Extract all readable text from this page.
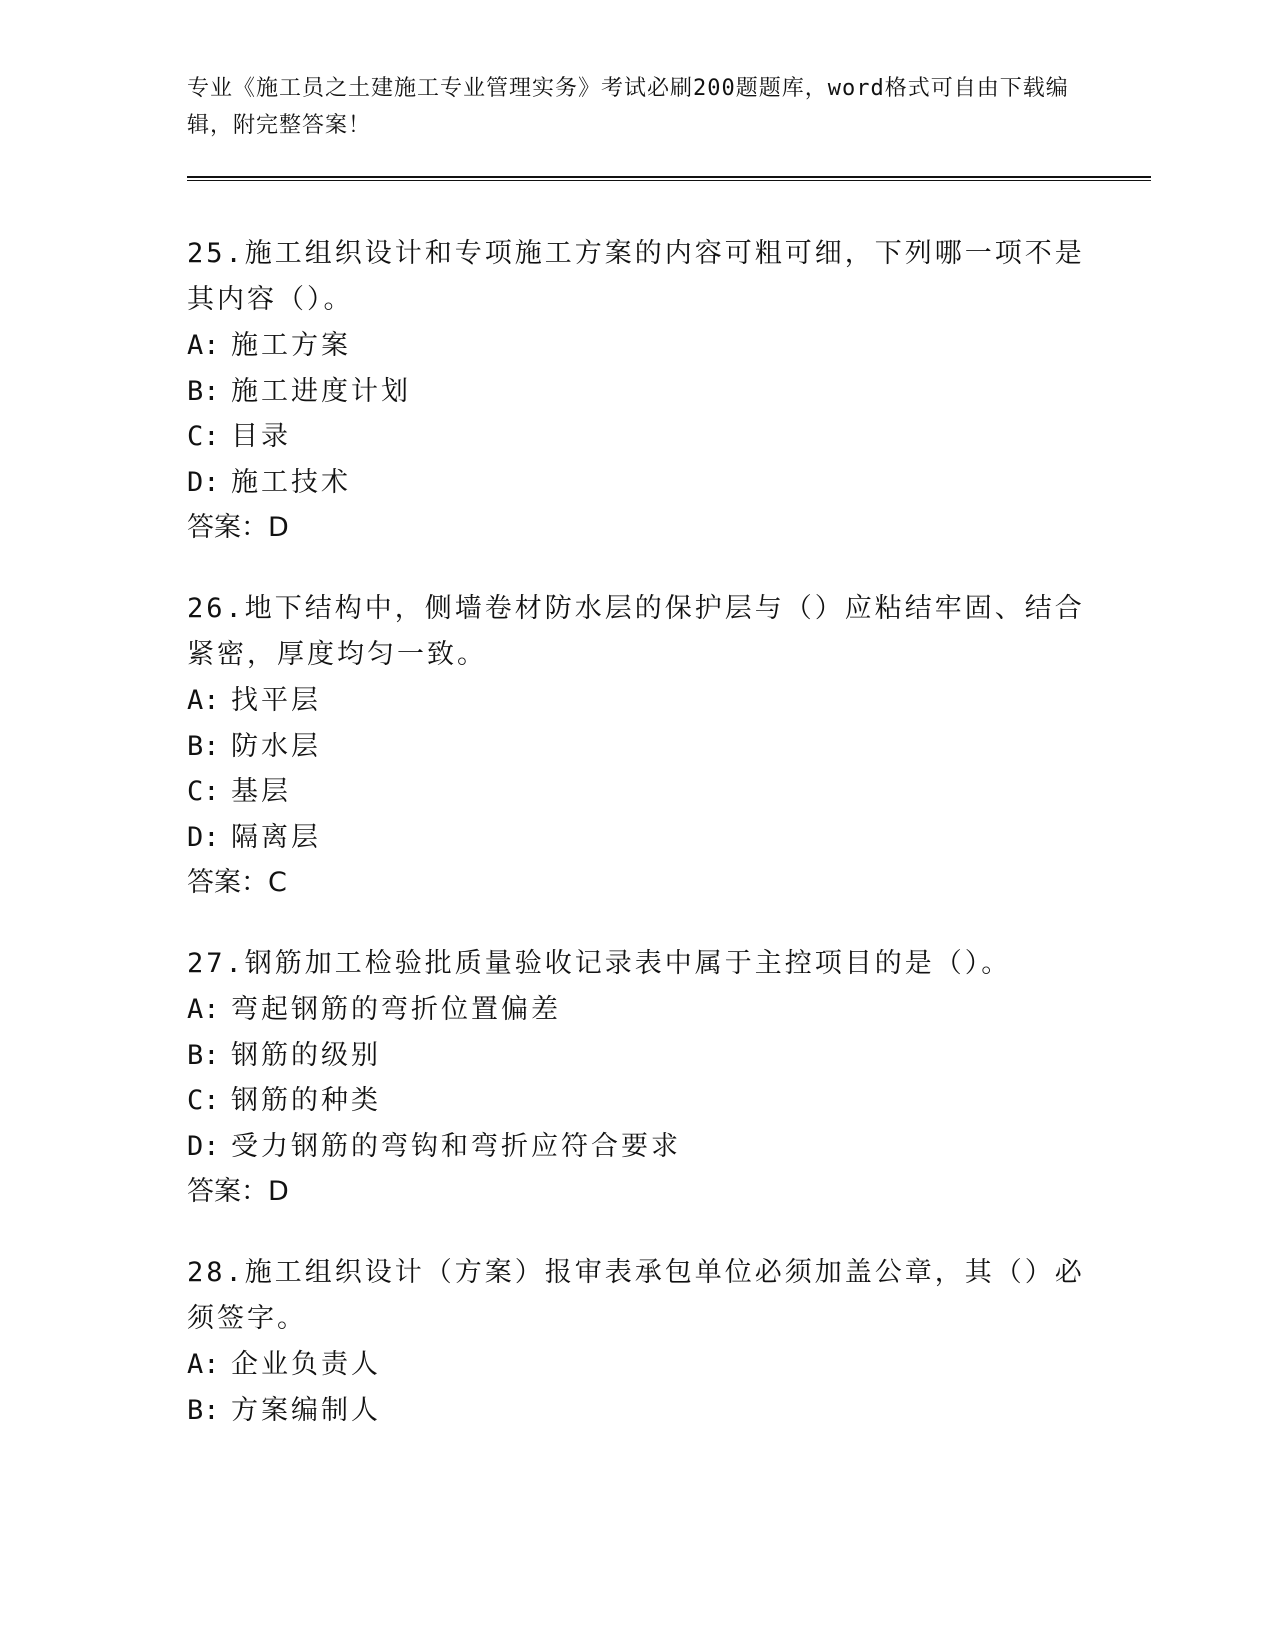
专业《施工员之土建施工专业管理实务》考试必刷200题题库，word格式可自由下载编辑，附完整答案！

25.施工组织设计和专项施工方案的内容可粗可细，下列哪一项不是其内容（）。

A: 施工方案

B: 施工进度计划

C: 目录

D: 施工技术

答案：D

26.地下结构中，侧墙卷材防水层的保护层与（）应粘结牢固、结合紧密，厚度均匀一致。

A: 找平层

B: 防水层

C: 基层

D: 隔离层

答案：C

27.钢筋加工检验批质量验收记录表中属于主控项目的是（）。

A: 弯起钢筋的弯折位置偏差

B: 钢筋的级别

C: 钢筋的种类

D: 受力钢筋的弯钩和弯折应符合要求

答案：D

28.施工组织设计（方案）报审表承包单位必须加盖公章，其（）必须签字。

A: 企业负责人

B: 方案编制人
